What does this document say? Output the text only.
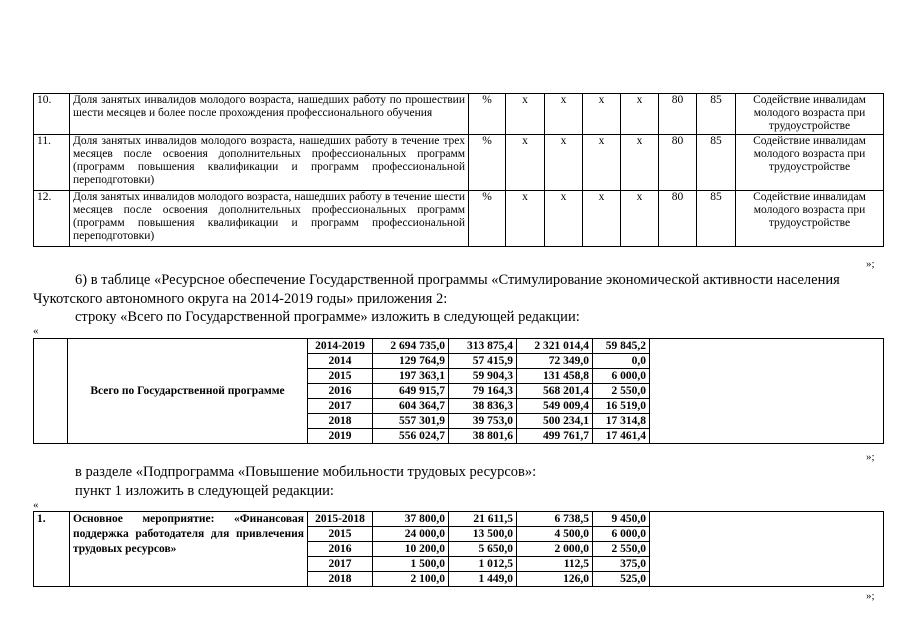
10.	Доля занятых инвалидов молодого возраста, нашедших работу по прошествии шести месяцев и более после прохождения профессионального обучения	%	х	х	х	х	80	85	Содействие инвалидам молодого возраста при трудоустройстве
11.	Доля занятых инвалидов молодого возраста, нашедших работу в течение трех месяцев после освоения дополнительных профессиональных программ (программ повышения квалификации и программ профессиональной переподготовки)	%	х	х	х	х	80	85	Содействие инвалидам молодого возраста при трудоустройстве
12.	Доля занятых инвалидов молодого возраста, нашедших работу в течение шести месяцев после освоения дополнительных профессиональных программ (программ повышения квалификации и программ профессиональной переподготовки)	%	х	х	х	х	80	85	Содействие инвалидам молодого возраста при трудоустройстве
»;
6) в таблице «Ресурсное обеспечение Государственной программы «Стимулирование экономической активности населения
Чукотского автономного округа на 2014-2019 годы» приложения 2:
строку «Всего по Государственной программе» изложить в следующей редакции:
«
	Всего по Государственной программе	2014-2019	2 694 735,0	313 875,4	2 321 014,4	59 845,2	
		2014	129 764,9	57 415,9	72 349,0	0,0	
		2015	197 363,1	59 904,3	131 458,8	6 000,0	
		2016	649 915,7	79 164,3	568 201,4	2 550,0	
		2017	604 364,7	38 836,3	549 009,4	16 519,0	
		2018	557 301,9	39 753,0	500 234,1	17 314,8	
		2019	556 024,7	38 801,6	499 761,7	17 461,4	
»;
в разделе «Подпрограмма «Повышение мобильности трудовых ресурсов»:
пункт 1 изложить в следующей редакции:
«
1.	Основное мероприятие: «Финансовая поддержка работодателя для привлечения трудовых ресурсов»	2015-2018	37 800,0	21 611,5	6 738,5	9 450,0	
		2015	24 000,0	13 500,0	4 500,0	6 000,0	
		2016	10 200,0	5 650,0	2 000,0	2 550,0	
		2017	1 500,0	1 012,5	112,5	375,0	
		2018	2 100,0	1 449,0	126,0	525,0	
»;
